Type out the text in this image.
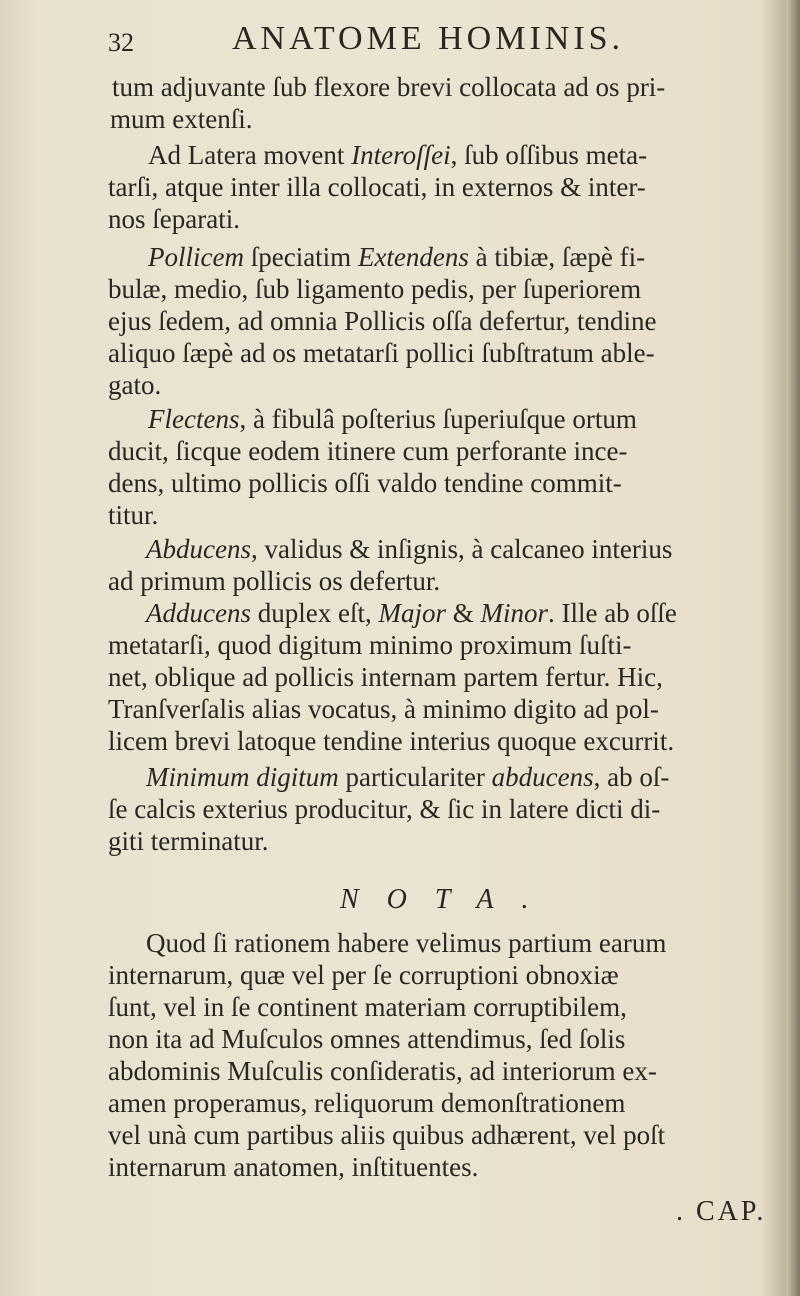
32	ANATOME HOMINIS.
tum adjuvante ſub flexore brevi collocata ad os pri-
mum extenſi.
Ad Latera movent Interoſſei, ſub oſſibus meta-
tarſi, atque inter illa collocati, in externos & inter-
nos ſeparati.
Pollicem ſpeciatim Extendens à tibiæ, ſæpè fi-
bulæ, medio, ſub ligamento pedis, per ſuperiorem
ejus ſedem, ad omnia Pollicis oſſa defertur, tendine
aliquo ſæpè ad os metatarſi pollici ſubſtratum able-
gato.
Flectens, à fibulâ poſterius ſuperiuſque ortum
ducit, ſicque eodem itinere cum perforante ince-
dens, ultimo pollicis oſſi valdo tendine commit-
titur.
Abducens, validus & inſignis, à calcaneo interius
ad primum pollicis os defertur.
Adducens duplex eſt, Major & Minor. Ille ab oſſe
metatarſi, quod digitum minimo proximum ſuſti-
net, oblique ad pollicis internam partem fertur. Hic,
Tranſverſalis alias vocatus, à minimo digito ad pol-
licem brevi latoque tendine interius quoque excurrit.
Minimum digitum particulariter abducens, ab oſ-
ſe calcis exterius producitur, & ſic in latere dicti di-
giti terminatur.
NOTA.
Quod ſi rationem habere velimus partium earum
internarum, quæ vel per ſe corruptioni obnoxiæ
ſunt, vel in ſe continent materiam corruptibilem,
non ita ad Muſculos omnes attendimus, ſed ſolis
abdominis Muſculis conſideratis, ad interiorum ex-
amen properamus, reliquorum demonſtrationem
vel unà cum partibus aliis quibus adhærent, vel poſt
internarum anatomen, inſtituentes.
. CAP.
